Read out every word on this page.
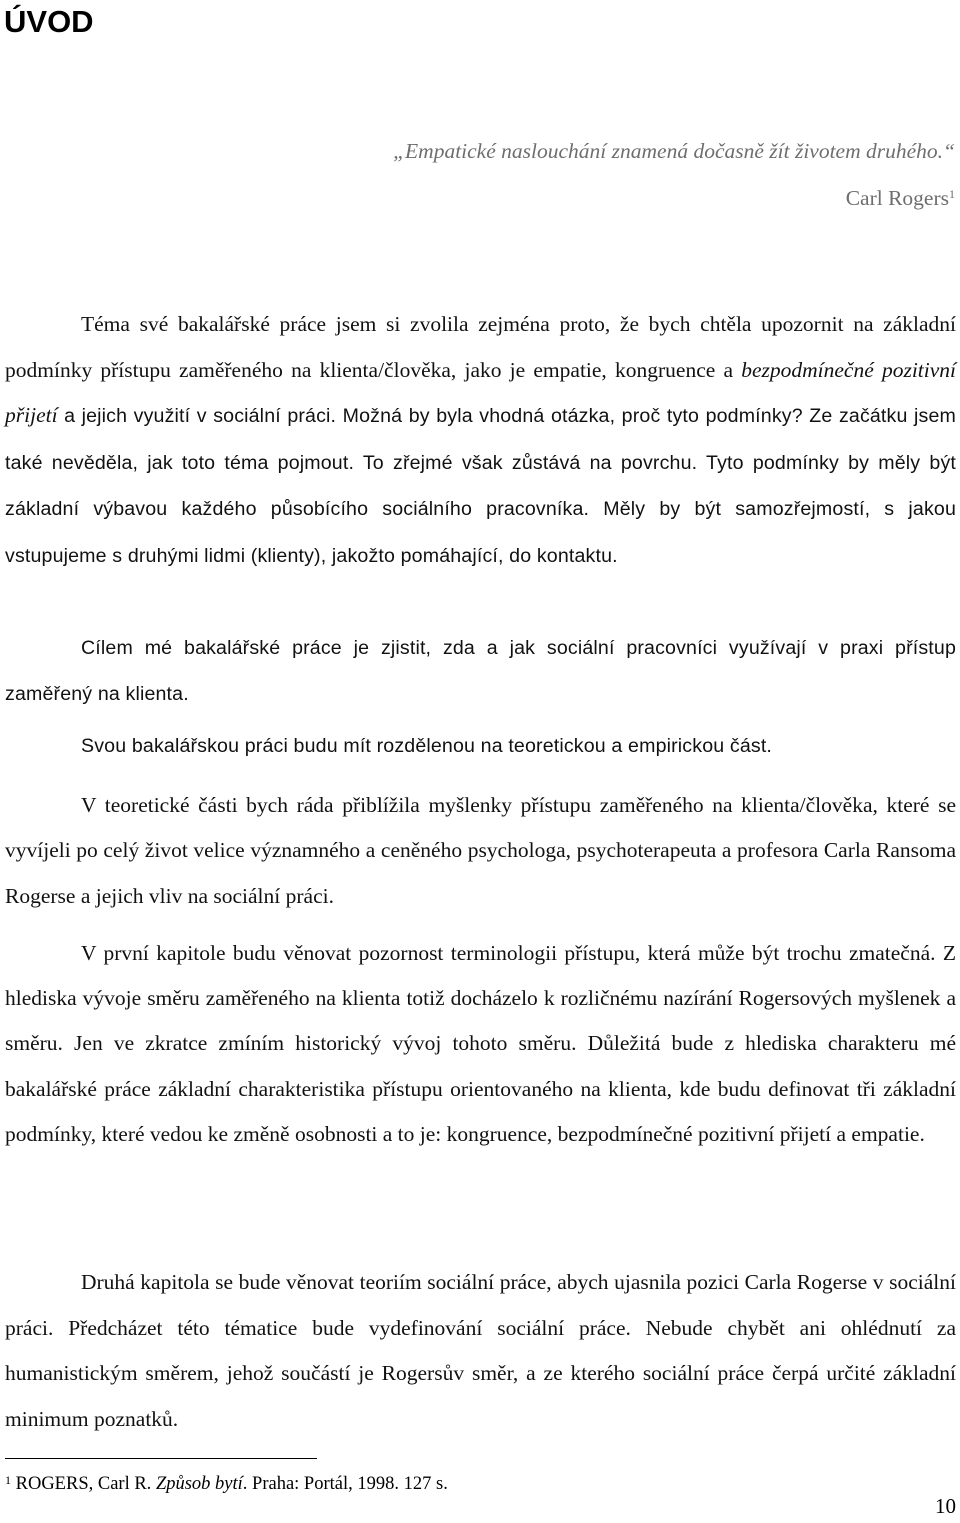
ÚVOD

„Empatické naslouchání znamená dočasně žít životem druhého.“

Carl Rogers$^1$

Téma své bakalářské práce jsem si zvolila zejména proto, že bych chtěla upozornit na základní podmínky přístupu zaměřeného na klienta/člověka, jako je empatie, kongruence a bezpodmínečné pozitivní přijetí a jejich využití v sociální práci. Možná by byla vhodná otázka, proč tyto podmínky? Ze začátku jsem také nevěděla, jak toto téma pojmout. To zřejmé však zůstává na povrchu. Tyto podmínky by měly být základní výbavou každého působícího sociálního pracovníka. Měly by být samozřejmostí, s jakou vstupujeme s druhými lidmi (klienty), jakožto pomáhající, do kontaktu.

Cílem mé bakalářské práce je zjistit, zda a jak sociální pracovníci využívají v praxi přístup zaměřený na klienta.

Svou bakalářskou práci budu mít rozdělenou na teoretickou a empirickou část.

V teoretické části bych ráda přiblížila myšlenky přístupu zaměřeného na klienta/člověka, které se vyvíjeli po celý život velice významného a ceněného psychologa, psychoterapeuta a profesora Carla Ransoma Rogerse a jejich vliv na sociální práci.

V první kapitole budu věnovat pozornost terminologii přístupu, která může být trochu zmatečná. Z hlediska vývoje směru zaměřeného na klienta totiž docházelo k rozličnému nazírání Rogersových myšlenek a směru. Jen ve zkratce zmíním historický vývoj tohoto směru. Důležitá bude z hlediska charakteru mé bakalářské práce základní charakteristika přístupu orientovaného na klienta, kde budu definovat tři základní podmínky, které vedou ke změně osobnosti a to je: kongruence, bezpodmínečné pozitivní přijetí a empatie.

Druhá kapitola se bude věnovat teoriím sociální práce, abych ujasnila pozici Carla Rogerse v sociální práci. Předcházet této tématice bude vydefinování sociální práce. Nebude chybět ani ohlédnutí za humanistickým směrem, jehož součástí je Rogersův směr, a ze kterého sociální práce čerpá určité základní minimum poznatků.

$^1$ ROGERS, Carl R. Způsob bytí. Praha: Portál, 1998. 127 s.

10
